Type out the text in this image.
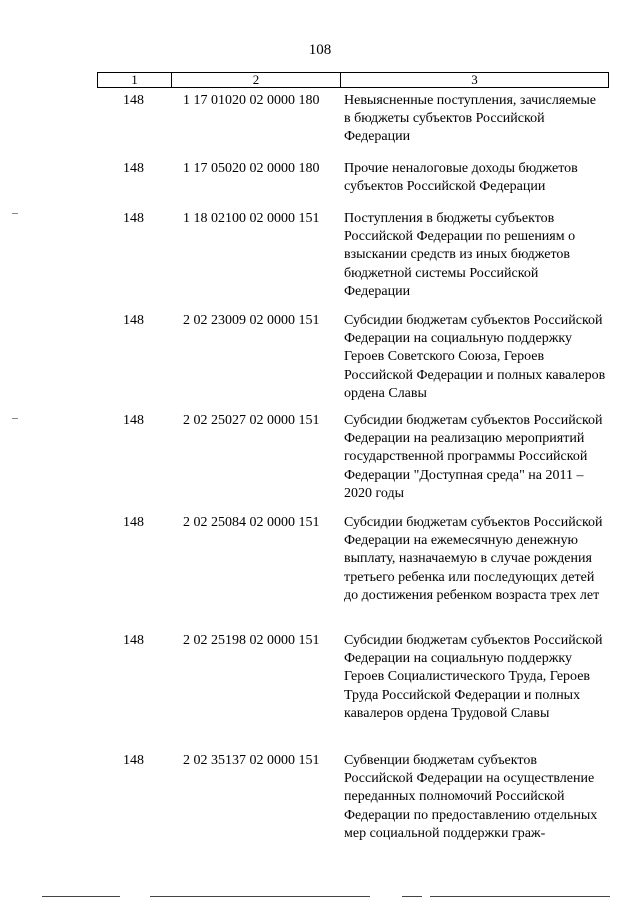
108
1	2	3
148	1 17 01020 02 0000 180	Невыясненные поступления, зачисляемые в бюджеты субъектов Российской Федерации
148	1 17 05020 02 0000 180	Прочие неналоговые доходы бюджетов субъектов Российской Федерации
148	1 18 02100 02 0000 151	Поступления в бюджеты субъектов Российской Федерации по решениям о взыскании средств из иных бюджетов бюджетной системы Российской Федерации
148	2 02 23009 02 0000 151	Субсидии бюджетам субъектов Российской Федерации на социальную поддержку Героев Советского Союза, Героев Российской Федерации и полных кавалеров ордена Славы
148	2 02 25027 02 0000 151	Субсидии бюджетам субъектов Российской Федерации на реализацию мероприятий государственной программы Российской Федерации "Доступная среда" на 2011 – 2020 годы
148	2 02 25084 02 0000 151	Субсидии бюджетам субъектов Российской Федерации на ежемесячную денежную выплату, назначаемую в случае рождения третьего ребенка или последующих детей до достижения ребенком возраста трех лет
148	2 02 25198 02 0000 151	Субсидии бюджетам субъектов Российской Федерации на социальную поддержку Героев Социалистического Труда, Героев Труда Российской Федерации и полных кавалеров ордена Трудовой Славы
148	2 02 35137 02 0000 151	Субвенции бюджетам субъектов Российской Федерации на осуществление переданных полномочий Российской Федерации по предоставлению отдельных мер социальной поддержки граж-
